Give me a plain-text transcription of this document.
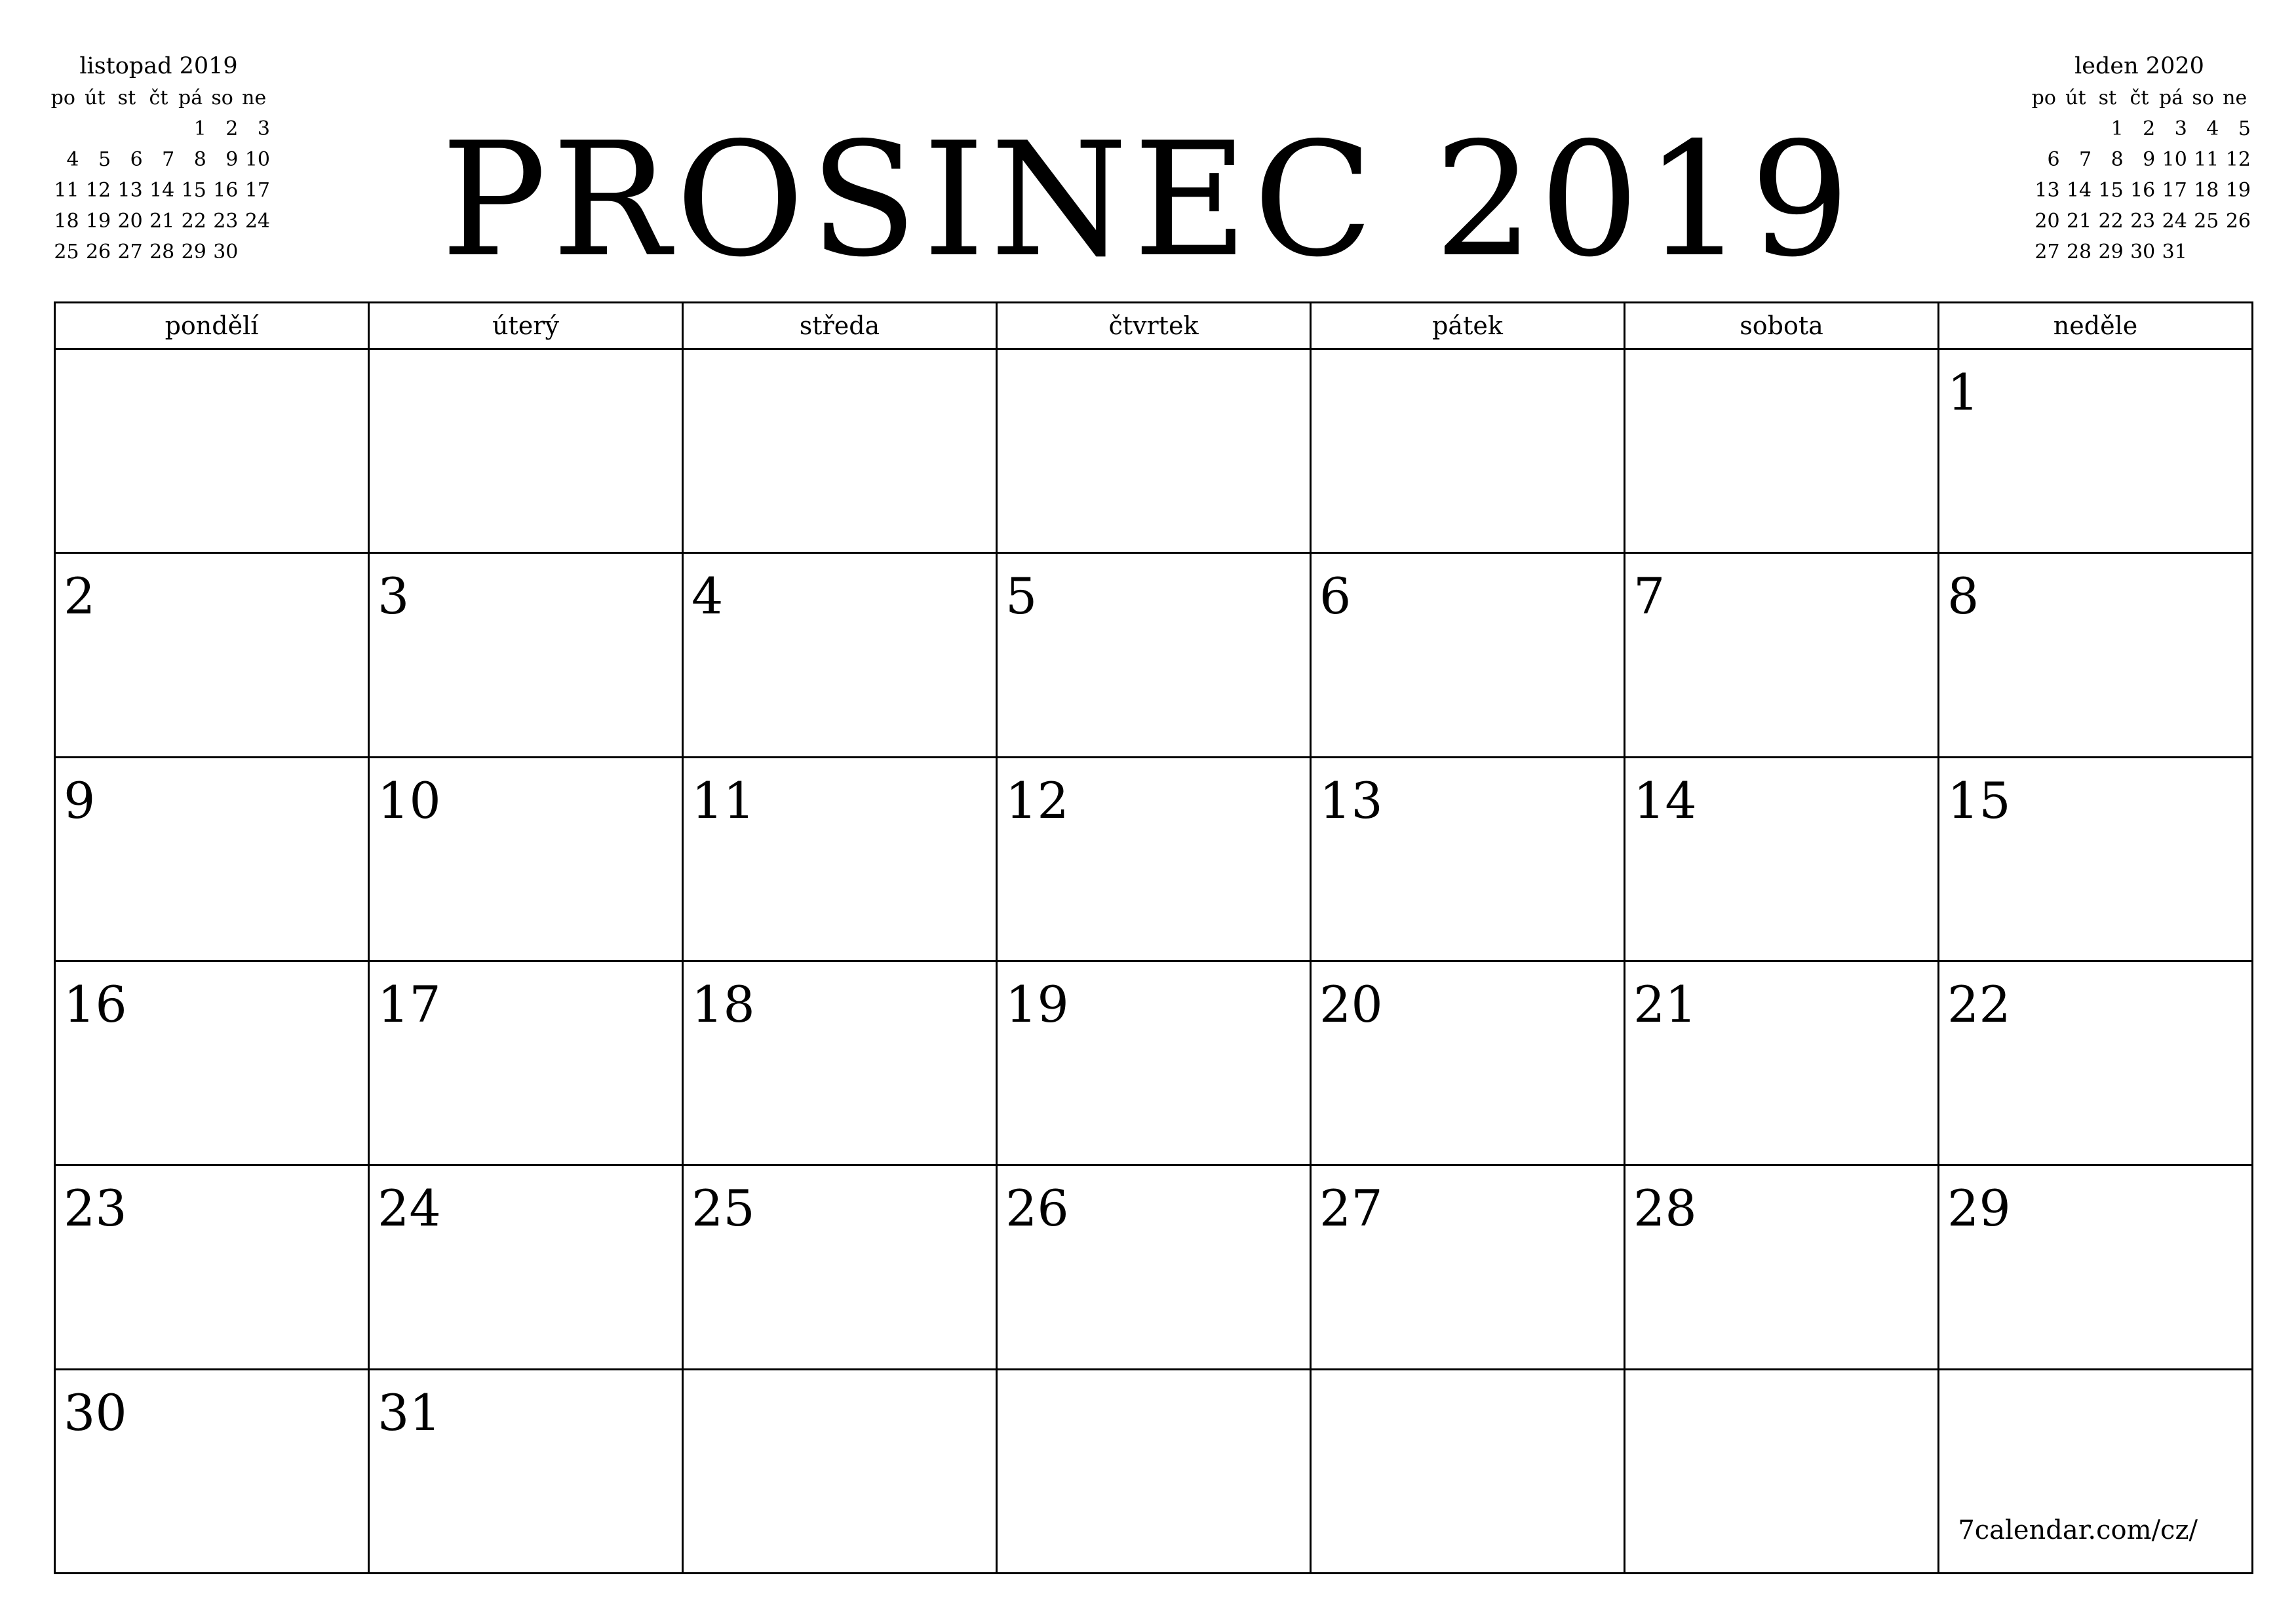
listopad 2019
po	út	st	čt	pá	so	ne
				1	2	3
4	5	6	7	8	9	10
11	12	13	14	15	16	17
18	19	20	21	22	23	24
25	26	27	28	29	30		PROSINEC 2019
leden 2020
po	út	st	čt	pá	so	ne
		1	2	3	4	5
6	7	8	9	10	11	12
13	14	15	16	17	18	19
20	21	22	23	24	25	26
27	28	29	30	31		
pondělí	úterý	středa	čtvrtek	pátek	sobota	neděle

						1

2	3	4	5	6	7	8

9	10	11	12	13	14	15

16	17	18	19	20	21	22

23	24	25	26	27	28	29

30	31					7calendar.com/cz/
